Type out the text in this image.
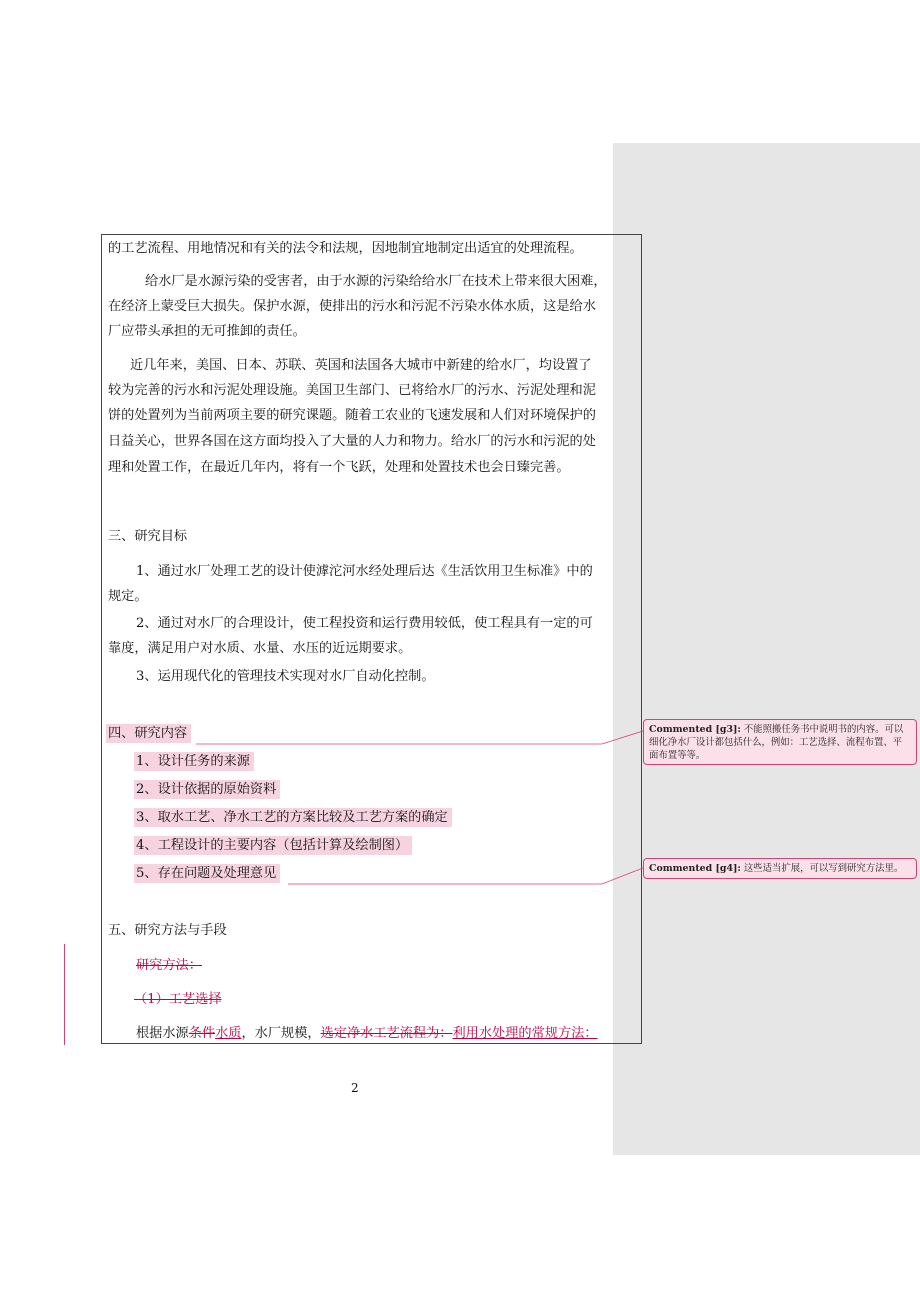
的工艺流程、用地情况和有关的法令和法规，因地制宜地制定出适宜的处理流程。
给水厂是水源污染的受害者，由于水源的污染给给水厂在技术上带来很大困难，
在经济上蒙受巨大损失。保护水源，使排出的污水和污泥不污染水体水质，这是给水
厂应带头承担的无可推卸的责任。
近几年来，美国、日本、苏联、英国和法国各大城市中新建的给水厂，均设置了
较为完善的污水和污泥处理设施。美国卫生部门、已将给水厂的污水、污泥处理和泥
饼的处置列为当前两项主要的研究课题。随着工农业的飞速发展和人们对环境保护的
日益关心，世界各国在这方面均投入了大量的人力和物力。给水厂的污水和污泥的处
理和处置工作，在最近几年内，将有一个飞跃，处理和处置技术也会日臻完善。
三、研究目标
1、通过水厂处理工艺的设计使滹沱河水经处理后达《生活饮用卫生标准》中的
规定。
2、通过对水厂的合理设计，使工程投资和运行费用较低，使工程具有一定的可
靠度，满足用户对水质、水量、水压的近远期要求。
3、运用现代化的管理技术实现对水厂自动化控制。
四、研究内容
1、设计任务的来源
2、设计依据的原始资料
3、取水工艺、净水工艺的方案比较及工艺方案的确定
4、工程设计的主要内容（包括计算及绘制图）
5、存在问题及处理意见
五、研究方法与手段
研究方法：
（1）工艺选择
根据水源条件水质，水厂规模，选定净水工艺流程为：利用水处理的常规方法：
2
Commented [g3]: 不能照搬任务书中说明书的内容。可以细化净水厂设计都包括什么，例如：工艺选择、流程布置、平面布置等等。
Commented [g4]: 这些适当扩展，可以写到研究方法里。
